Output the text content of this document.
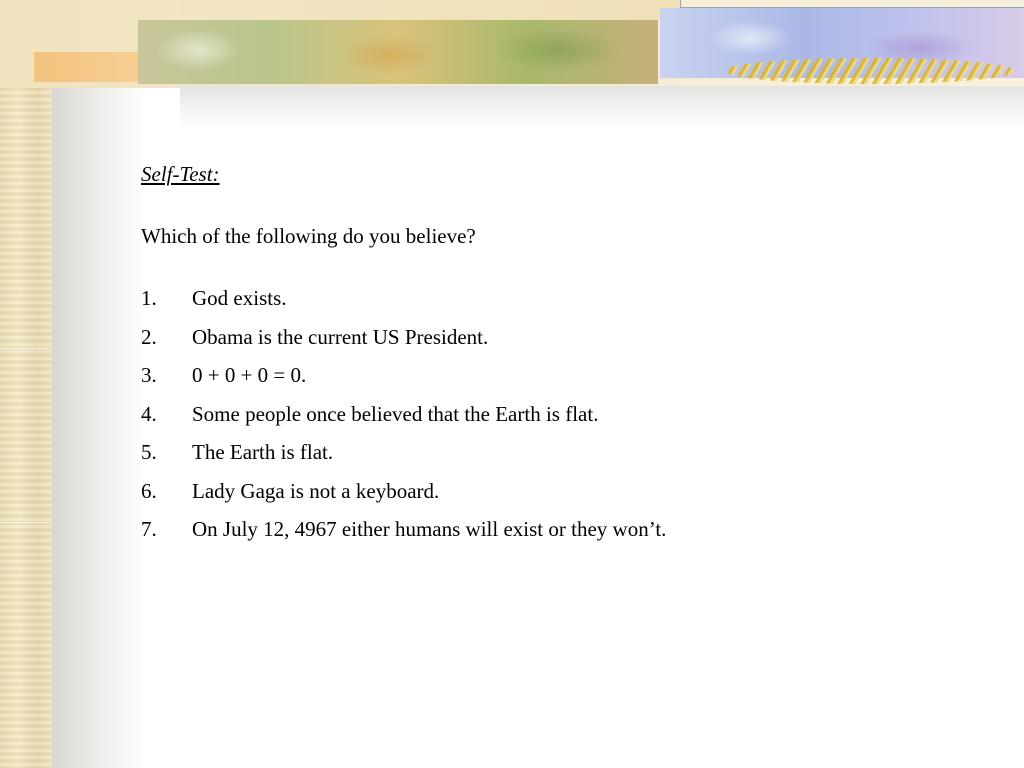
Self-Test:

Which of the following do you believe?

1.	God exists.
2.	Obama is the current US President.
3.	0 + 0 + 0 = 0.
4.	Some people once believed that the Earth is flat.
5.	The Earth is flat.
6.	Lady Gaga is not a keyboard.
7.	On July 12, 4967 either humans will exist or they won’t.
